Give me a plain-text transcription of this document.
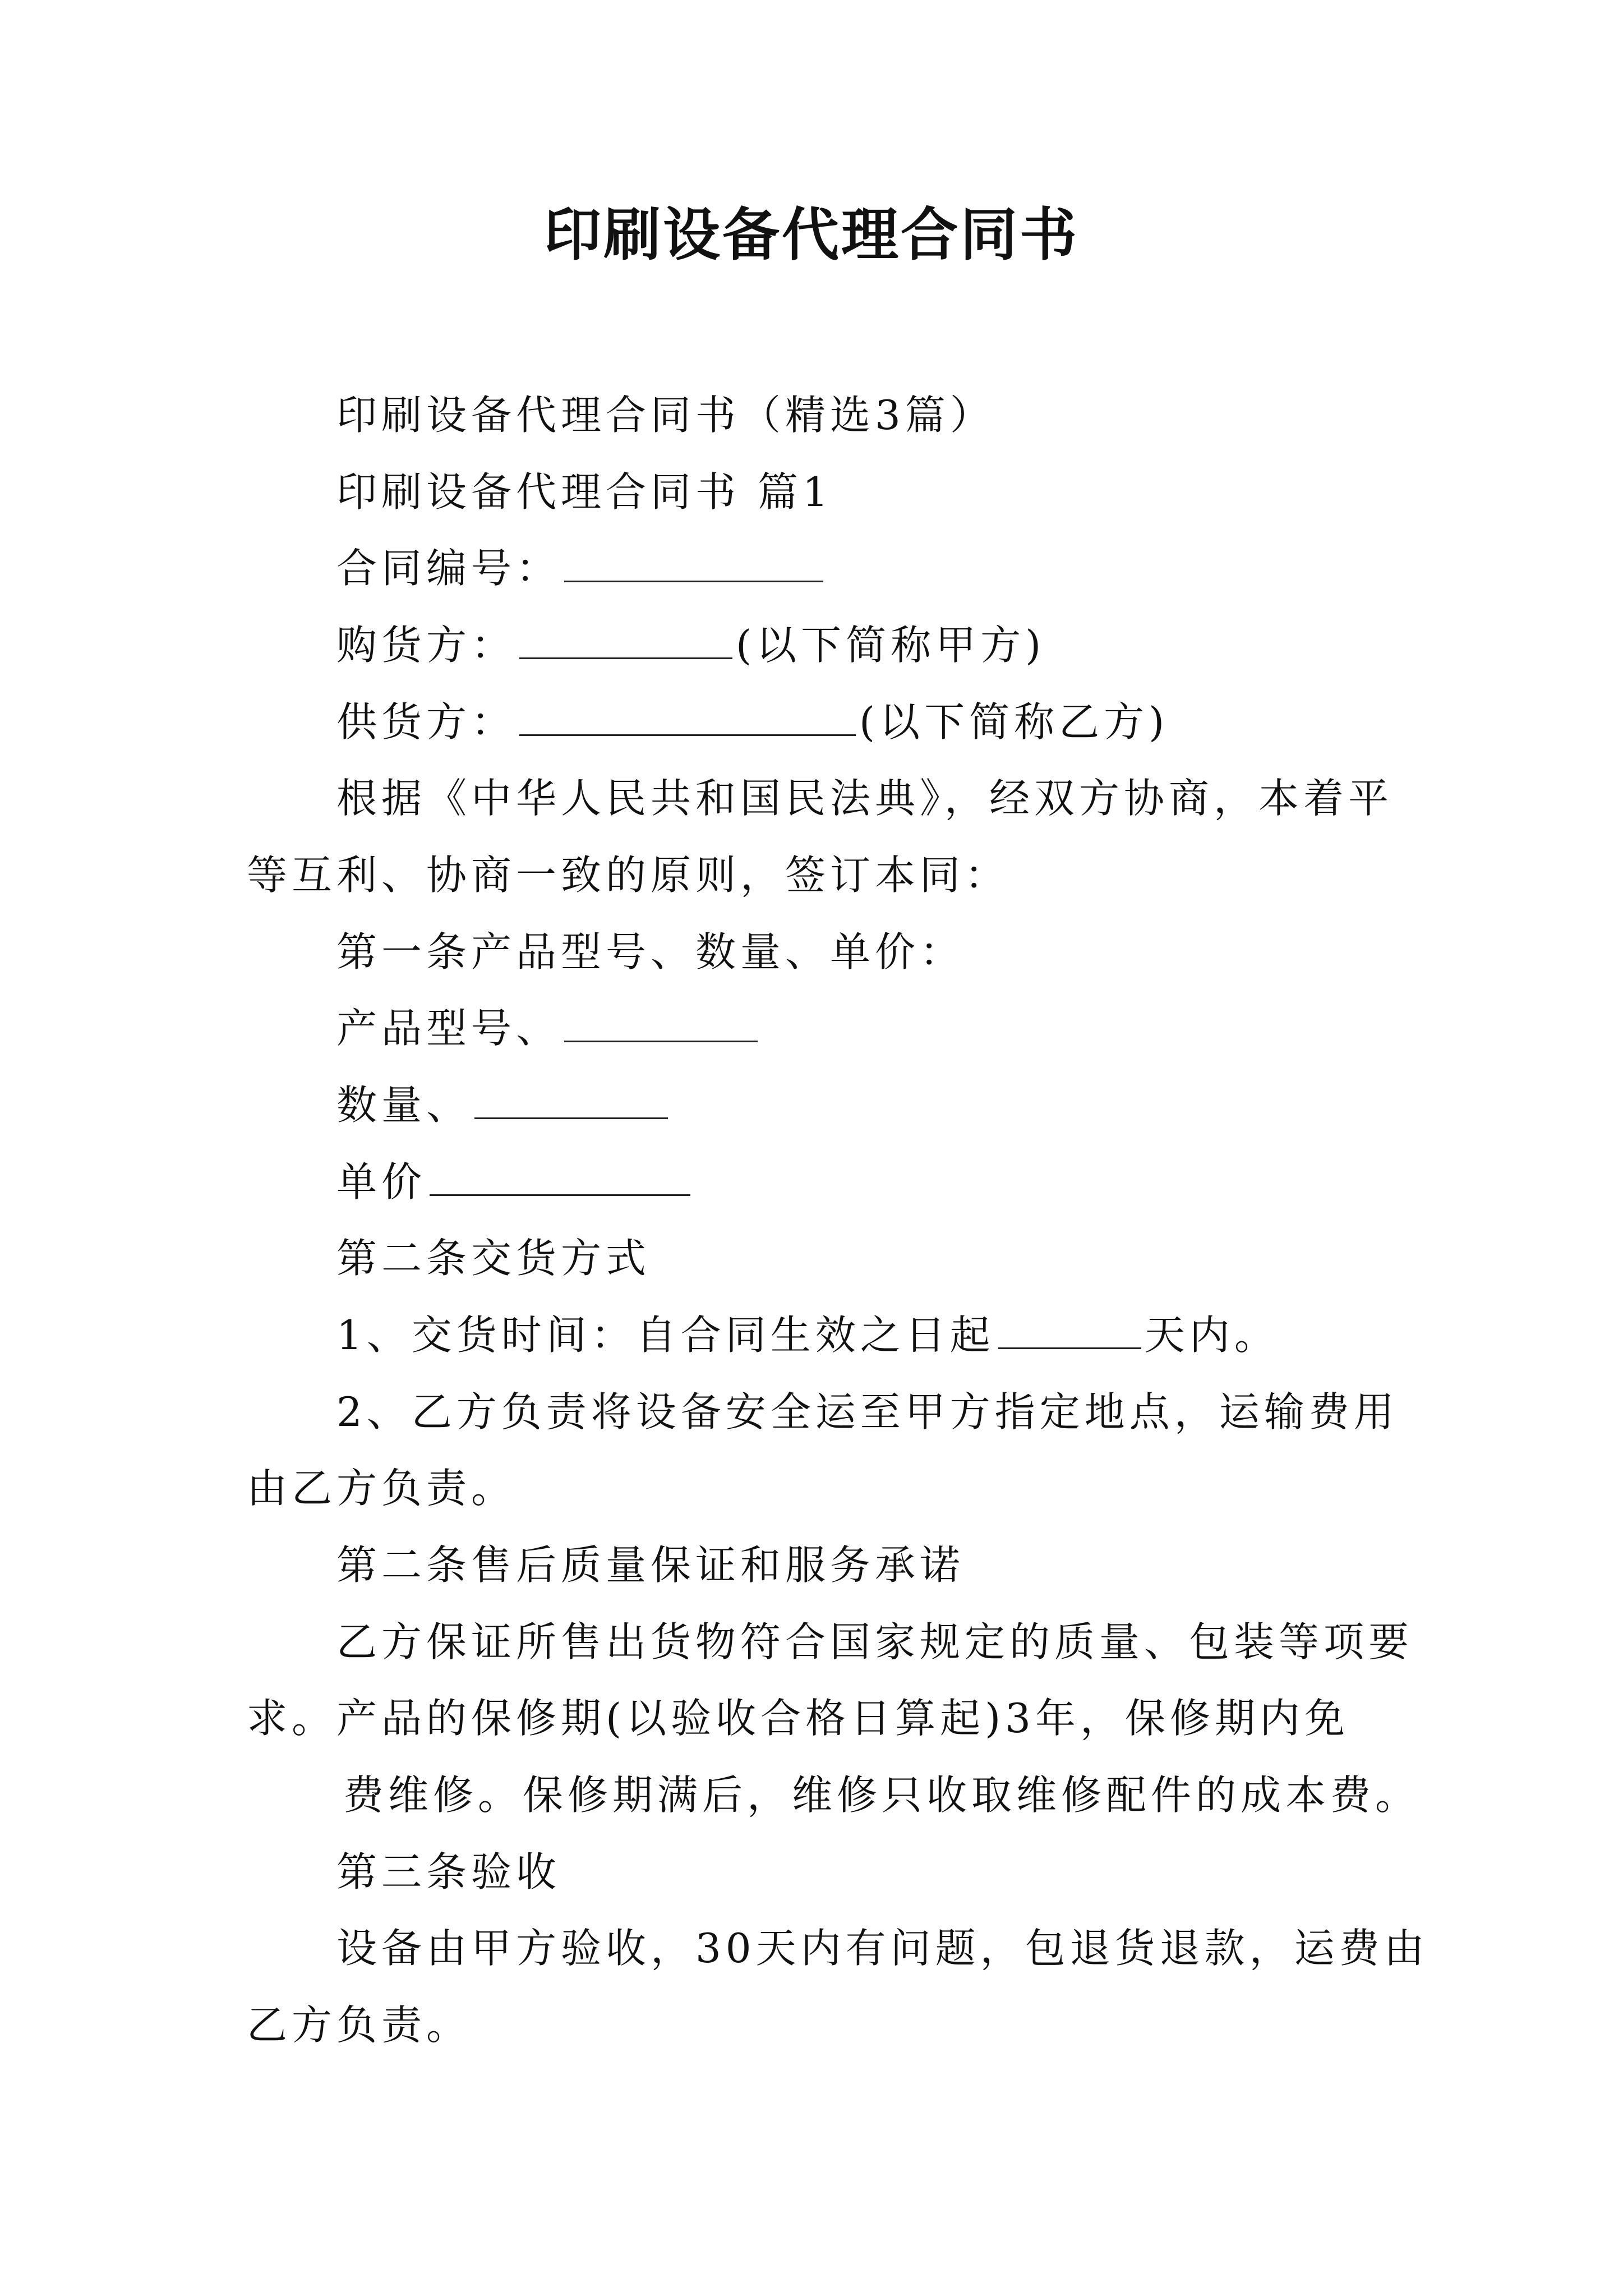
印刷设备代理合同书
印刷设备代理合同书（精选3篇）
印刷设备代理合同书 篇1
合同编号：
购货方：	(以下简称甲方)
供货方：	(以下简称乙方)
根据《中华人民共和国民法典》，经双方协商，本着平
等互利、协商一致的原则，签订本同：
第一条产品型号、数量、单价：
产品型号、
数量、
单价
第二条交货方式
1、交货时间：自合同生效之日起	天内。
2、乙方负责将设备安全运至甲方指定地点，运输费用
由乙方负责。
第二条售后质量保证和服务承诺
乙方保证所售出货物符合国家规定的质量、包装等项要
求。产品的保修期(以验收合格日算起)3年，保修期内免
费维修。保修期满后，维修只收取维修配件的成本费。
第三条验收
设备由甲方验收，30天内有问题，包退货退款，运费由
乙方负责。
